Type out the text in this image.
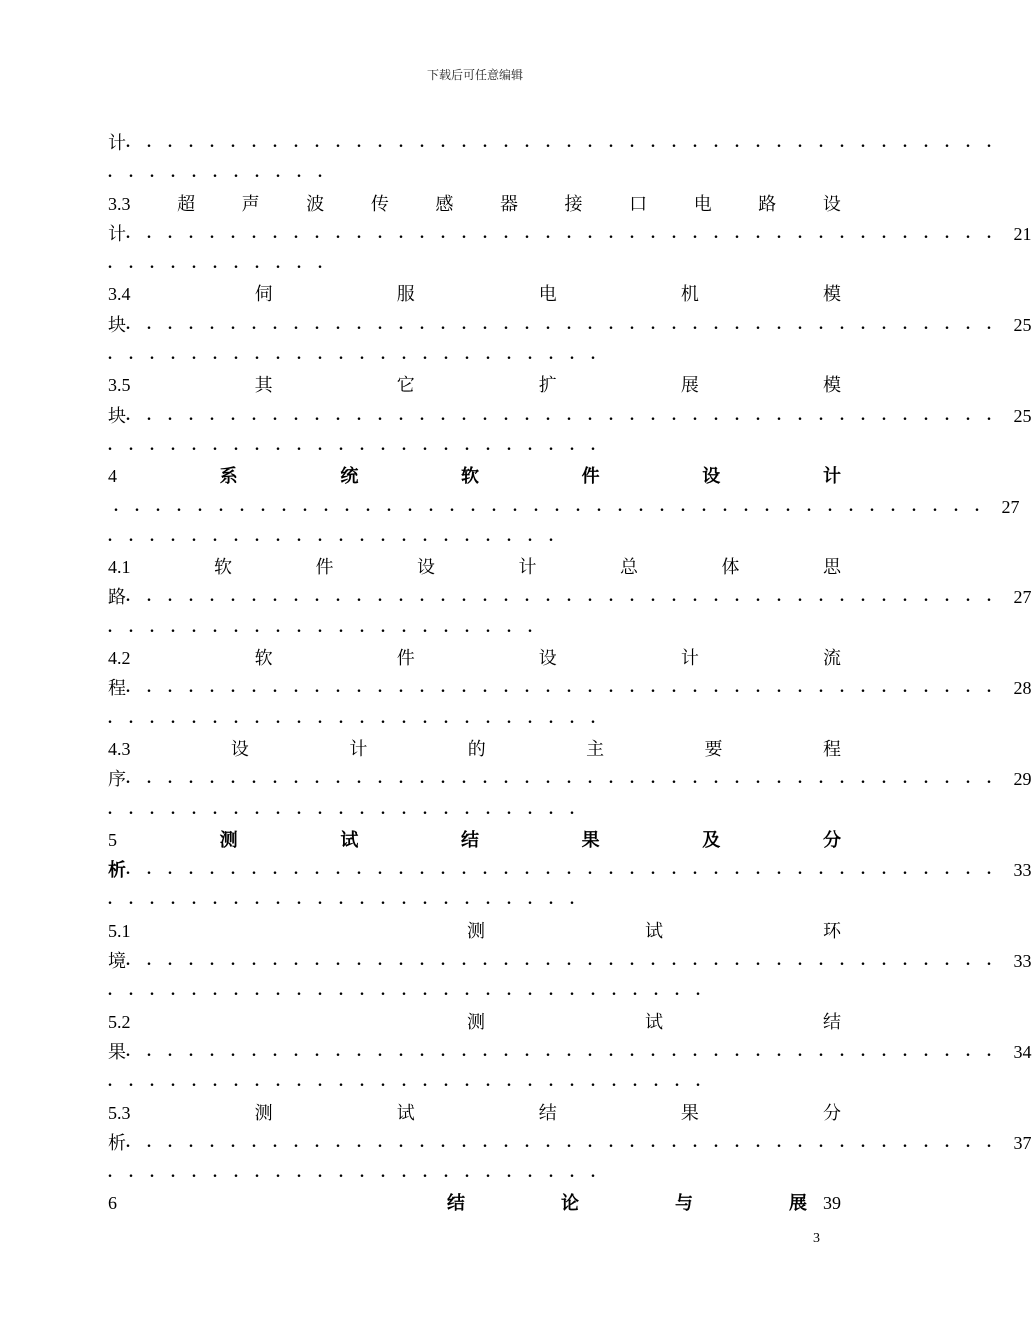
下载后可任意编辑
计 . . . . . . . . . . . . . . . . . . . . . . . . . . . . . . . . . . . . . . . . . .
. . . . . . . . . . .
3.3	超	声	波	传	感	器	接	口	电	路	设
计 . . . . . . . . . . . . . . . . . . . . . . . . . . . . . . . . . . . . . . . . . . 21
. . . . . . . . . . .
3.4	伺	服	电	机	模
块 . . . . . . . . . . . . . . . . . . . . . . . . . . . . . . . . . . . . . . . . . . 25
. . . . . . . . . . . . . . . . . . . . . . . .
3.5	其	它	扩	展	模
块 . . . . . . . . . . . . . . . . . . . . . . . . . . . . . . . . . . . . . . . . . . 25
. . . . . . . . . . . . . . . . . . . . . . . .
4	系	统	软	件	设	计
. . . . . . . . . . . . . . . . . . . . . . . . . . . . . . . . . . . . . . . . . . 27
. . . . . . . . . . . . . . . . . . . . . .
4.1	软	件	设	计	总	体	思
路 . . . . . . . . . . . . . . . . . . . . . . . . . . . . . . . . . . . . . . . . . . 27
. . . . . . . . . . . . . . . . . . . . .
4.2	软	件	设	计	流
程 . . . . . . . . . . . . . . . . . . . . . . . . . . . . . . . . . . . . . . . . . . 28
. . . . . . . . . . . . . . . . . . . . . . . .
4.3	设	计	的	主	要	程
序 . . . . . . . . . . . . . . . . . . . . . . . . . . . . . . . . . . . . . . . . . . 29
. . . . . . . . . . . . . . . . . . . . . . .
5	测	试	结	果	及	分
析 . . . . . . . . . . . . . . . . . . . . . . . . . . . . . . . . . . . . . . . . . . 33
. . . . . . . . . . . . . . . . . . . . . . .
5.1	测	试	环
境 . . . . . . . . . . . . . . . . . . . . . . . . . . . . . . . . . . . . . . . . . . 33
. . . . . . . . . . . . . . . . . . . . . . . . . . . . .
5.2	测	试	结
果 . . . . . . . . . . . . . . . . . . . . . . . . . . . . . . . . . . . . . . . . . . 34
. . . . . . . . . . . . . . . . . . . . . . . . . . . . .
5.3	测	试	结	果	分
析 . . . . . . . . . . . . . . . . . . . . . . . . . . . . . . . . . . . . . . . . . . 37
. . . . . . . . . . . . . . . . . . . . . . . .
6	结	论	与	展 39
3
